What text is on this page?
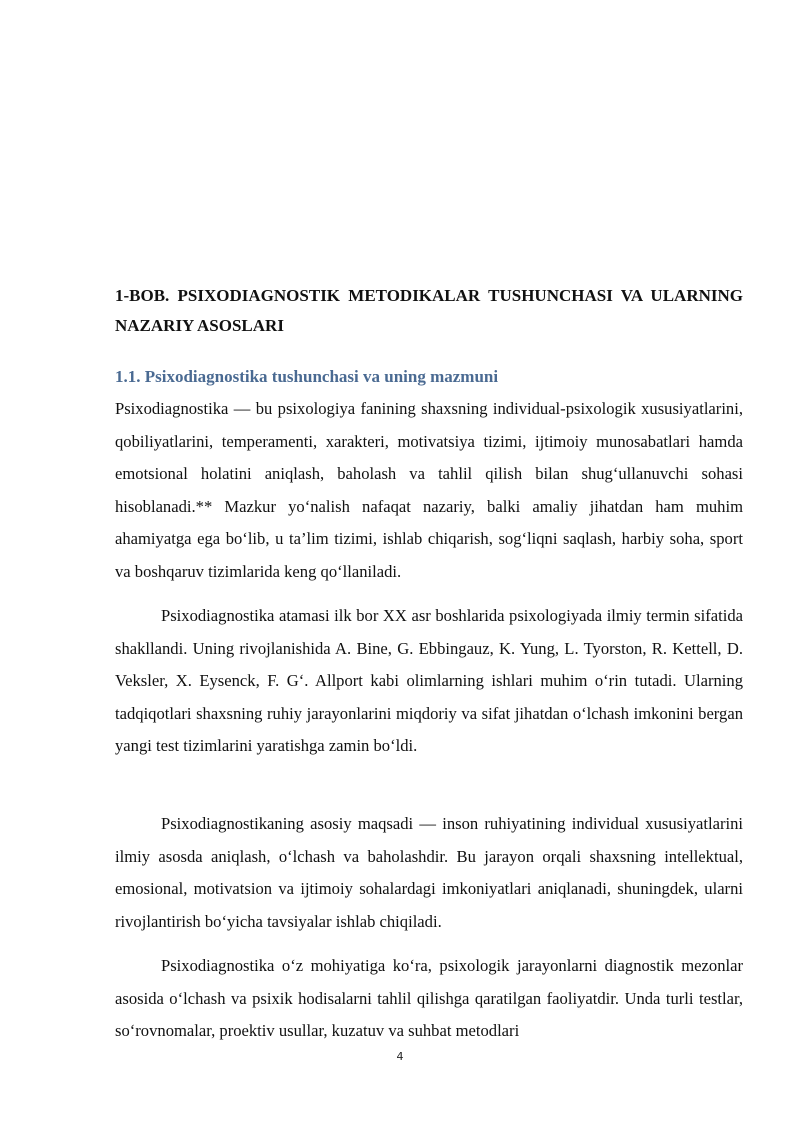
1-BOB. PSIXODIAGNOSTIK METODIKALAR TUSHUNCHASI VA ULARNING NAZARIY ASOSLARI
1.1. Psixodiagnostika tushunchasi va uning mazmuni

Psixodiagnostika — bu psixologiya fanining shaxsning individual-psixologik xususiyatlarini, qobiliyatlarini, temperamenti, xarakteri, motivatsiya tizimi, ijtimoiy munosabatlari hamda emotsional holatini aniqlash, baholash va tahlil qilish bilan shug‘ullanuvchi sohasi hisoblanadi.** Mazkur yo‘nalish nafaqat nazariy, balki amaliy jihatdan ham muhim ahamiyatga ega bo‘lib, u ta’lim tizimi, ishlab chiqarish, sog‘liqni saqlash, harbiy soha, sport va boshqaruv tizimlarida keng qo‘llaniladi.

Psixodiagnostika atamasi ilk bor XX asr boshlarida psixologiyada ilmiy termin sifatida shakllandi. Uning rivojlanishida A. Bine, G. Ebbingauz, K. Yung, L. Tyorston, R. Kettell, D. Veksler, X. Eysenck, F. G‘. Allport kabi olimlarning ishlari muhim o‘rin tutadi. Ularning tadqiqotlari shaxsning ruhiy jarayonlarini miqdoriy va sifat jihatdan o‘lchash imkonini bergan yangi test tizimlarini yaratishga zamin bo‘ldi.

Psixodiagnostikaning asosiy maqsadi — inson ruhiyatining individual xususiyatlarini ilmiy asosda aniqlash, o‘lchash va baholashdir. Bu jarayon orqali shaxsning intellektual, emosional, motivatsion va ijtimoiy sohalardagi imkoniyatlari aniqlanadi, shuningdek, ularni rivojlantirish bo‘yicha tavsiyalar ishlab chiqiladi.

Psixodiagnostika o‘z mohiyatiga ko‘ra, psixologik jarayonlarni diagnostik mezonlar asosida o‘lchash va psixik hodisalarni tahlil qilishga qaratilgan faoliyatdir. Unda turli testlar, so‘rovnomalar, proektiv usullar, kuzatuv va suhbat metodlari

4
